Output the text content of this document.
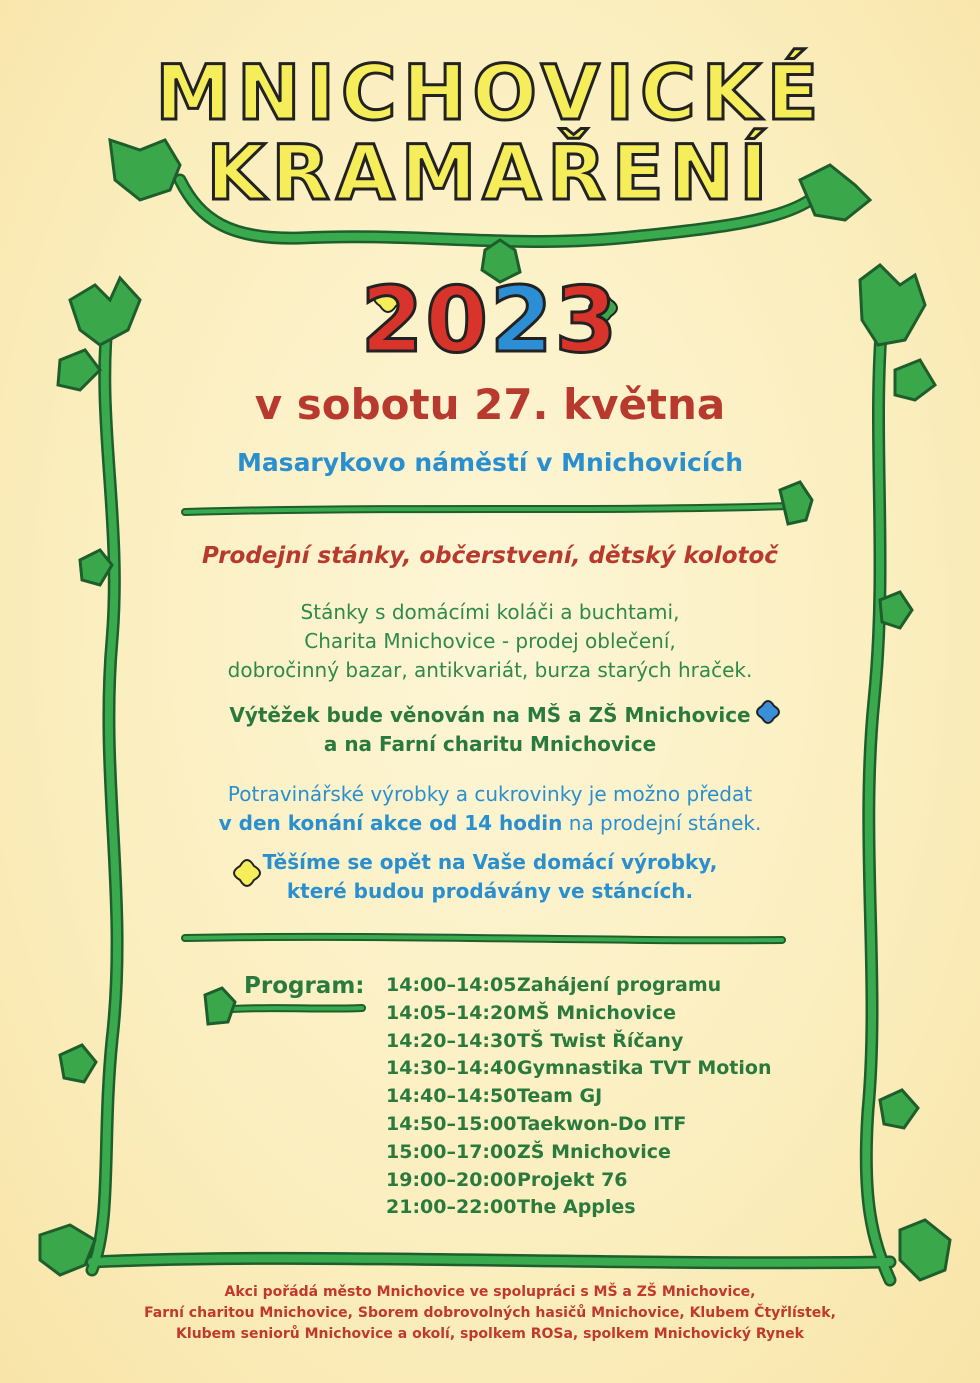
MNICHOVICKÉ
KRAMAŘENÍ
2023
v sobotu 27. května
Masarykovo náměstí v Mnichovicích
Prodejní stánky, občerstvení, dětský kolotoč
Stánky s domácími koláči a buchtami,
Charita Mnichovice - prodej oblečení,
dobročinný bazar, antikvariát, burza starých hraček.
Výtěžek bude věnován na MŠ a ZŠ Mnichovice
a na Farní charitu Mnichovice
Potravinářské výrobky a cukrovinky je možno předat
v den konání akce od 14 hodin na prodejní stánek.
Těšíme se opět na Vaše domácí výrobky,
které budou prodávány ve stáncích.
Program: 14:00–14:05 Zahájení programu
14:05–14:20 MŠ Mnichovice
14:20–14:30 TŠ Twist Říčany
14:30–14:40 Gymnastika TVT Motion
14:40–14:50 Team GJ
14:50–15:00 Taekwon-Do ITF
15:00–17:00 ZŠ Mnichovice
19:00–20:00 Projekt 76
21:00–22:00 The Apples
Akci pořádá město Mnichovice ve spolupráci s MŠ a ZŠ Mnichovice,
Farní charitou Mnichovice, Sborem dobrovolných hasičů Mnichovice, Klubem Čtyřlístek,
Klubem seniorů Mnichovice a okolí, spolkem ROSa, spolkem Mnichovický Rynek
